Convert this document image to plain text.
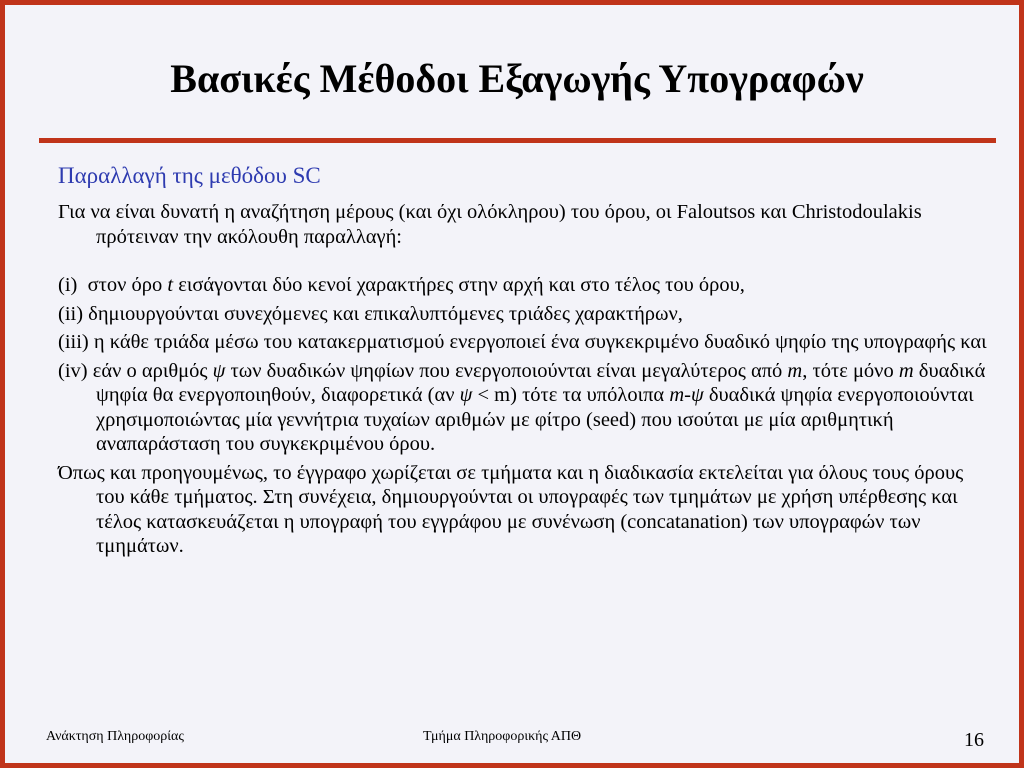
Βασικές Μέθοδοι Εξαγωγής Υπογραφών
Παραλλαγή της μεθόδου SC

Για να είναι δυνατή η αναζήτηση μέρους (και όχι ολόκληρου) του όρου, οι Faloutsos και Christodoulakis πρότειναν την ακόλουθη παραλλαγή:

(i) στον όρο t εισάγονται δύο κενοί χαρακτήρες στην αρχή και στο τέλος του όρου,

(ii) δημιουργούνται συνεχόμενες και επικαλυπτόμενες τριάδες χαρακτήρων,

(iii) η κάθε τριάδα μέσω του κατακερματισμού ενεργοποιεί ένα συγκεκριμένο δυαδικό ψηφίο της υπογραφής και

(iv) εάν ο αριθμός ψ των δυαδικών ψηφίων που ενεργοποιούνται είναι μεγαλύτερος από m, τότε μόνο m δυαδικά ψηφία θα ενεργοποιηθούν, διαφορετικά (αν ψ < m) τότε τα υπόλοιπα m-ψ δυαδικά ψηφία ενεργοποιούνται χρησιμοποιώντας μία γεννήτρια τυχαίων αριθμών με φίτρο (seed) που ισούται με μία αριθμητική αναπαράσταση του συγκεκριμένου όρου.

Όπως και προηγουμένως, το έγγραφο χωρίζεται σε τμήματα και η διαδικασία εκτελείται για όλους τους όρους του κάθε τμήματος. Στη συνέχεια, δημιουργούνται οι υπογραφές των τμημάτων με χρήση υπέρθεσης και τέλος κατασκευάζεται η υπογραφή του εγγράφου με συνένωση (concatanation) των υπογραφών των τμημάτων.

Ανάκτηση Πληροφορίας	Τμήμα Πληροφορικής ΑΠΘ	16
